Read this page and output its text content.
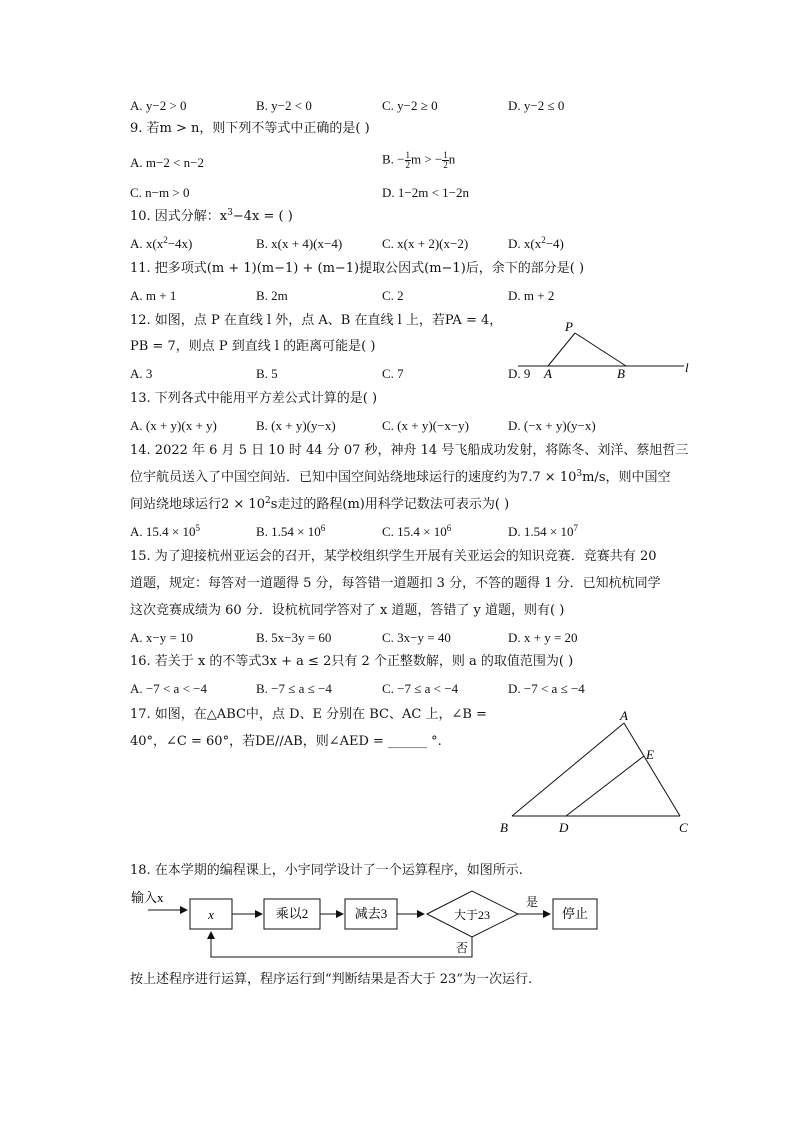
A. y−2 > 0	B. y−2 < 0	C. y−2 ≥ 0	D. y−2 ≤ 0
9. 若m > n，则下列不等式中正确的是( )
A. m−2 < n−2	B. − $\frac{1}{2}$ m > − $\frac{1}{2}$ n
C. n−m > 0	D. 1−2m < 1−2n
10. 因式分解：$x^3-4x$ = ( )
A. $x(x^2-4x)$	B. x(x + 4)(x−4)	C. x(x + 2)(x−2)	D. $x(x^2-4)$
11. 把多项式(m + 1)(m−1) + (m−1)提取公因式(m−1)后，余下的部分是( )
A. m + 1	B. 2m	C. 2	D. m + 2
12. 如图，点 P 在直线 l 外，点 A、B 在直线 l 上，若PA = 4，
PB = 7，则点 P 到直线 l 的距离可能是( )
A. 3	B. 5	C. 7	D. 9
13. 下列各式中能用平方差公式计算的是( )
A. (x + y)(x + y)	B. (x + y)(y−x)	C. (x + y)(−x−y)	D. (−x + y)(y−x)
14. 2022 年 6 月 5 日 10 时 44 分 07 秒，神舟 14 号飞船成功发射，将陈冬、刘洋、蔡旭哲三
位宇航员送入了中国空间站．已知中国空间站绕地球运行的速度约为$7.7 \times 10^3m/s$，则中国空
间站绕地球运行$2 \times 10^2s$走过的路程(m)用科学记数法可表示为( )
A. $15.4 \times 10^5$	B. $1.54 \times 10^6$	C. $15.4 \times 10^6$	D. $1.54 \times 10^7$
15. 为了迎接杭州亚运会的召开，某学校组织学生开展有关亚运会的知识竞赛．竞赛共有 20
道题，规定：每答对一道题得 5 分，每答错一道题扣 3 分，不答的题得 1 分．已知杭杭同学
这次竞赛成绩为 60 分．设杭杭同学答对了 x 道题，答错了 y 道题，则有( )
A. x−y = 10	B. 5x−3y = 60	C. 3x−y = 40	D. x + y = 20
16. 若关于 x 的不等式3x + a ≤ 2只有 2 个正整数解，则 a 的取值范围为( )
A. −7 < a < −4	B. −7 ≤ a ≤ −4	C. −7 ≤ a < −4	D. −7 < a ≤ −4
17. 如图，在△ABC中，点 D、E 分别在 BC、AC 上，∠B =
40°，∠C = 60°，若DE//AB，则∠AED = ______ °.
18. 在本学期的编程课上，小宇同学设计了一个运算程序，如图所示.
按上述程序进行运算，程序运行到“判断结果是否大于 23”为一次运行.
P
A	B	l
A
B	C
D
E
输入x
x	乘以2	减去3	大于23
是
停止
否
